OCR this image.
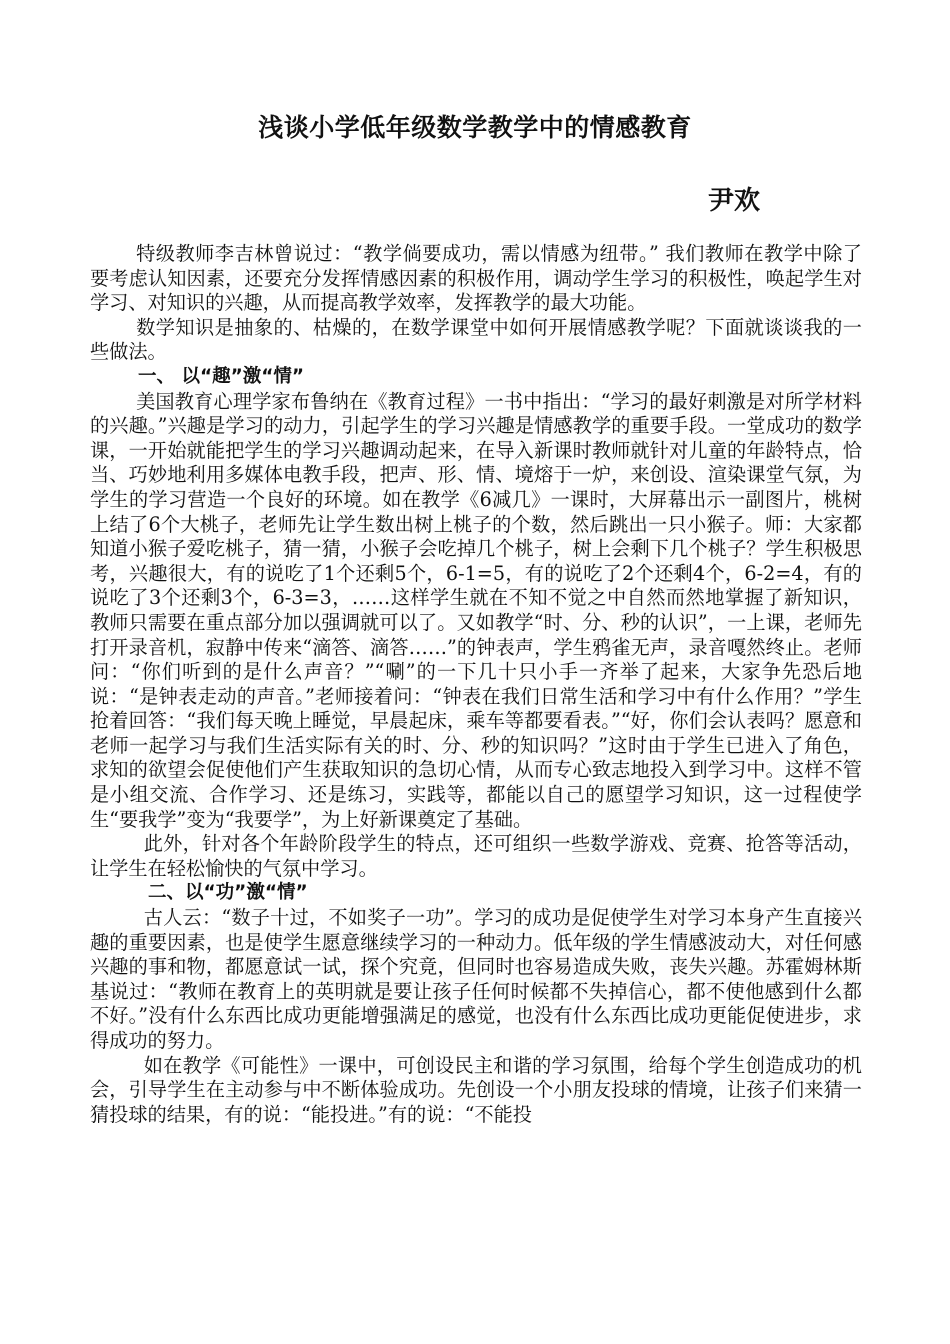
浅谈小学低年级数学教学中的情感教育
尹欢

特级教师李吉林曾说过：“教学倘要成功，需以情感为纽带。” 我们教师在教学中除了要考虑认知因素，还要充分发挥情感因素的积极作用，调动学生学习的积极性，唤起学生对学习、对知识的兴趣，从而提高教学效率，发挥教学的最大功能。

数学知识是抽象的、枯燥的，在数学课堂中如何开展情感教学呢？下面就谈谈我的一些做法。

一、 以“趣”激“情”

美国教育心理学家布鲁纳在《教育过程》一书中指出：“学习的最好刺激是对所学材料的兴趣。”兴趣是学习的动力，引起学生的学习兴趣是情感教学的重要手段。一堂成功的数学课，一开始就能把学生的学习兴趣调动起来，在导入新课时教师就针对儿童的年龄特点，恰当、巧妙地利用多媒体电教手段，把声、形、情、境熔于一炉，来创设、渲染课堂气氛，为学生的学习营造一个良好的环境。如在教学《6减几》一课时，大屏幕出示一副图片，桃树上结了6个大桃子，老师先让学生数出树上桃子的个数，然后跳出一只小猴子。师：大家都知道小猴子爱吃桃子，猜一猜，小猴子会吃掉几个桃子，树上会剩下几个桃子？学生积极思考，兴趣很大，有的说吃了1个还剩5个，6-1=5，有的说吃了2个还剩4个，6-2=4，有的说吃了3个还剩3个，6-3=3，……这样学生就在不知不觉之中自然而然地掌握了新知识，教师只需要在重点部分加以强调就可以了。又如教学“时、分、秒的认识”，一上课，老师先打开录音机，寂静中传来“滴答、滴答……”的钟表声，学生鸦雀无声，录音嘎然终止。老师问：“你们听到的是什么声音？”“唰”的一下几十只小手一齐举了起来，大家争先恐后地说：“是钟表走动的声音。”老师接着问：“钟表在我们日常生活和学习中有什么作用？”学生抢着回答：“我们每天晚上睡觉，早晨起床，乘车等都要看表。”“好，你们会认表吗？愿意和老师一起学习与我们生活实际有关的时、分、秒的知识吗？”这时由于学生已进入了角色，求知的欲望会促使他们产生获取知识的急切心情，从而专心致志地投入到学习中。这样不管是小组交流、合作学习、还是练习，实践等，都能以自己的愿望学习知识，这一过程使学生“要我学”变为“我要学”，为上好新课奠定了基础。

此外，针对各个年龄阶段学生的特点，还可组织一些数学游戏、竞赛、抢答等活动，让学生在轻松愉快的气氛中学习。

二、以“功”激“情”

古人云：“数子十过，不如奖子一功”。学习的成功是促使学生对学习本身产生直接兴趣的重要因素，也是使学生愿意继续学习的一种动力。低年级的学生情感波动大，对任何感兴趣的事和物，都愿意试一试，探个究竟，但同时也容易造成失败，丧失兴趣。苏霍姆林斯基说过：“教师在教育上的英明就是要让孩子任何时候都不失掉信心，都不使他感到什么都不好。”没有什么东西比成功更能增强满足的感觉，也没有什么东西比成功更能促使进步，求得成功的努力。

如在教学《可能性》一课中，可创设民主和谐的学习氛围，给每个学生创造成功的机会，引导学生在主动参与中不断体验成功。先创设一个小朋友投球的情境，让孩子们来猜一猜投球的结果，有的说：“能投进。”有的说：“不能投
